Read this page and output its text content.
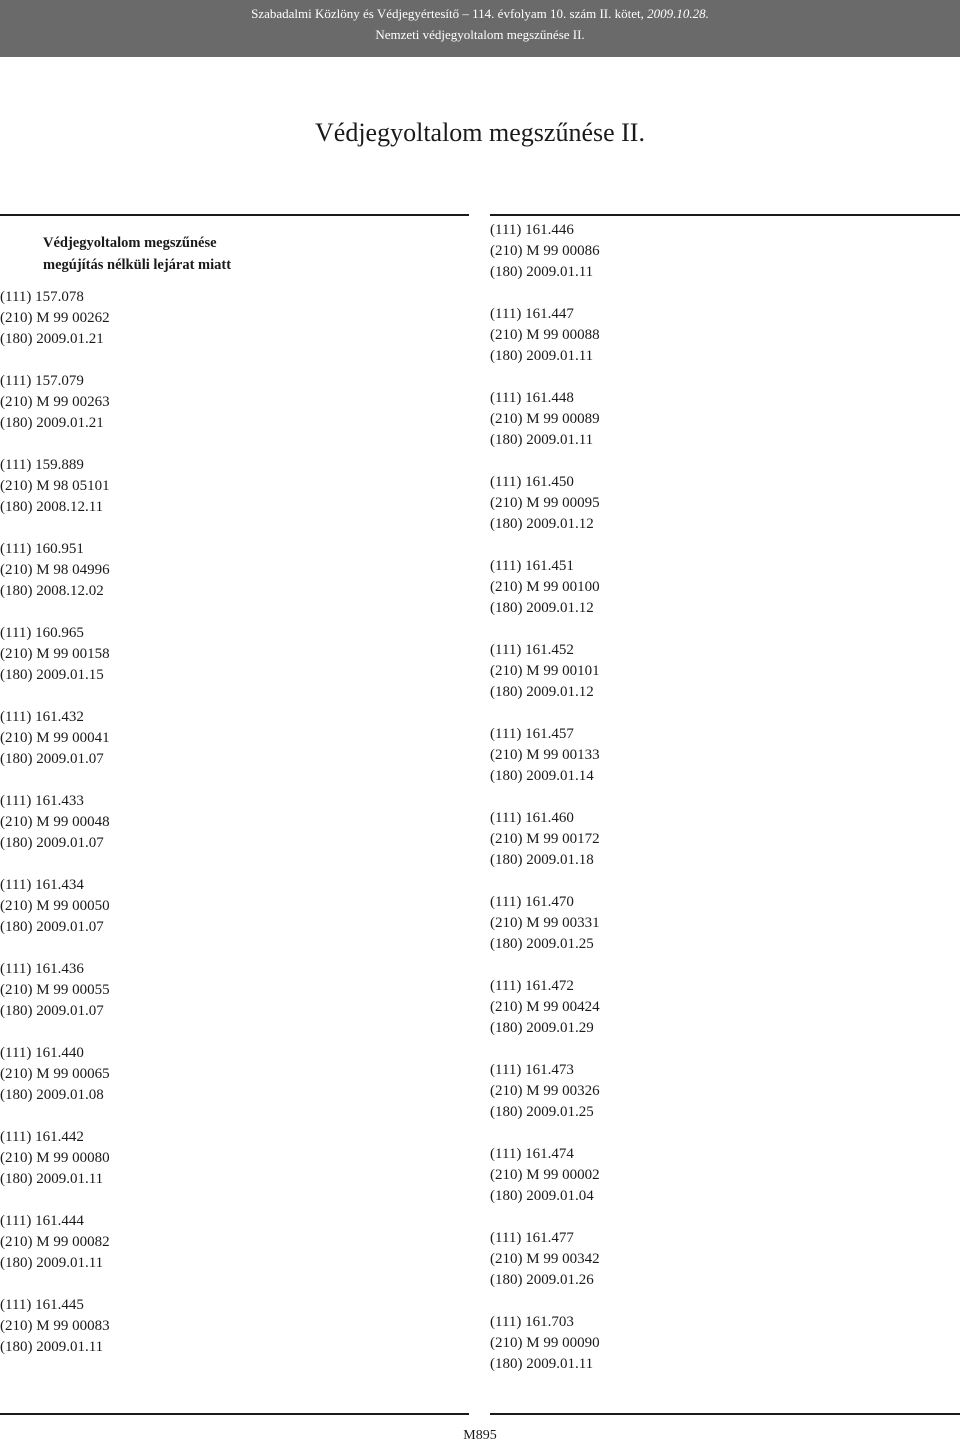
Szabadalmi Közlöny és Védjegyértesítő – 114. évfolyam 10. szám II. kötet, 2009.10.28.
Nemzeti védjegyoltalom megszűnése II.
Védjegyoltalom megszűnése II.
Védjegyoltalom megszűnése
megújítás nélküli lejárat miatt
(111) 157.078
(210) M 99 00262
(180) 2009.01.21
(111) 157.079
(210) M 99 00263
(180) 2009.01.21
(111) 159.889
(210) M 98 05101
(180) 2008.12.11
(111) 160.951
(210) M 98 04996
(180) 2008.12.02
(111) 160.965
(210) M 99 00158
(180) 2009.01.15
(111) 161.432
(210) M 99 00041
(180) 2009.01.07
(111) 161.433
(210) M 99 00048
(180) 2009.01.07
(111) 161.434
(210) M 99 00050
(180) 2009.01.07
(111) 161.436
(210) M 99 00055
(180) 2009.01.07
(111) 161.440
(210) M 99 00065
(180) 2009.01.08
(111) 161.442
(210) M 99 00080
(180) 2009.01.11
(111) 161.444
(210) M 99 00082
(180) 2009.01.11
(111) 161.445
(210) M 99 00083
(180) 2009.01.11
(111) 161.446
(210) M 99 00086
(180) 2009.01.11
(111) 161.447
(210) M 99 00088
(180) 2009.01.11
(111) 161.448
(210) M 99 00089
(180) 2009.01.11
(111) 161.450
(210) M 99 00095
(180) 2009.01.12
(111) 161.451
(210) M 99 00100
(180) 2009.01.12
(111) 161.452
(210) M 99 00101
(180) 2009.01.12
(111) 161.457
(210) M 99 00133
(180) 2009.01.14
(111) 161.460
(210) M 99 00172
(180) 2009.01.18
(111) 161.470
(210) M 99 00331
(180) 2009.01.25
(111) 161.472
(210) M 99 00424
(180) 2009.01.29
(111) 161.473
(210) M 99 00326
(180) 2009.01.25
(111) 161.474
(210) M 99 00002
(180) 2009.01.04
(111) 161.477
(210) M 99 00342
(180) 2009.01.26
(111) 161.703
(210) M 99 00090
(180) 2009.01.11
M895
